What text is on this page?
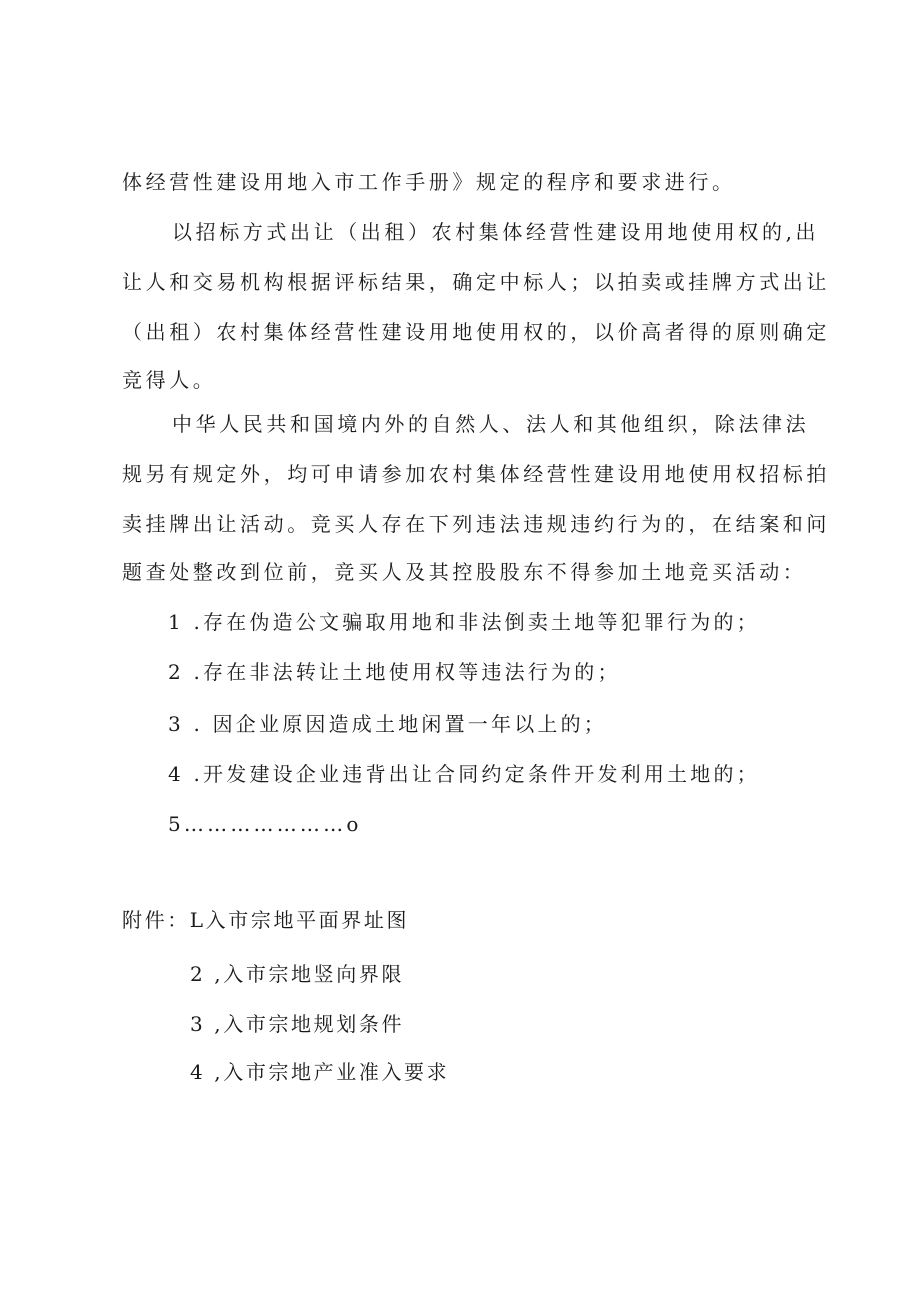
体经营性建设用地入市工作手册》规定的程序和要求进行。
以招标方式出让（出租）农村集体经营性建设用地使用权的,出
让人和交易机构根据评标结果，确定中标人；以拍卖或挂牌方式出让
（出租）农村集体经营性建设用地使用权的，以价高者得的原则确定
竞得人。
中华人民共和国境内外的自然人、法人和其他组织，除法律法
规另有规定外，均可申请参加农村集体经营性建设用地使用权招标拍
卖挂牌出让活动。竞买人存在下列违法违规违约行为的，在结案和问
题查处整改到位前，竞买人及其控股股东不得参加土地竞买活动：
1 .存在伪造公文骗取用地和非法倒卖土地等犯罪行为的；
2 .存在非法转让土地使用权等违法行为的；
3 . 因企业原因造成土地闲置一年以上的；
4 .开发建设企业违背出让合同约定条件开发利用土地的；
5…………………o
附件：L入市宗地平面界址图
2 ,入市宗地竖向界限
3 ,入市宗地规划条件
4 ,入市宗地产业准入要求
